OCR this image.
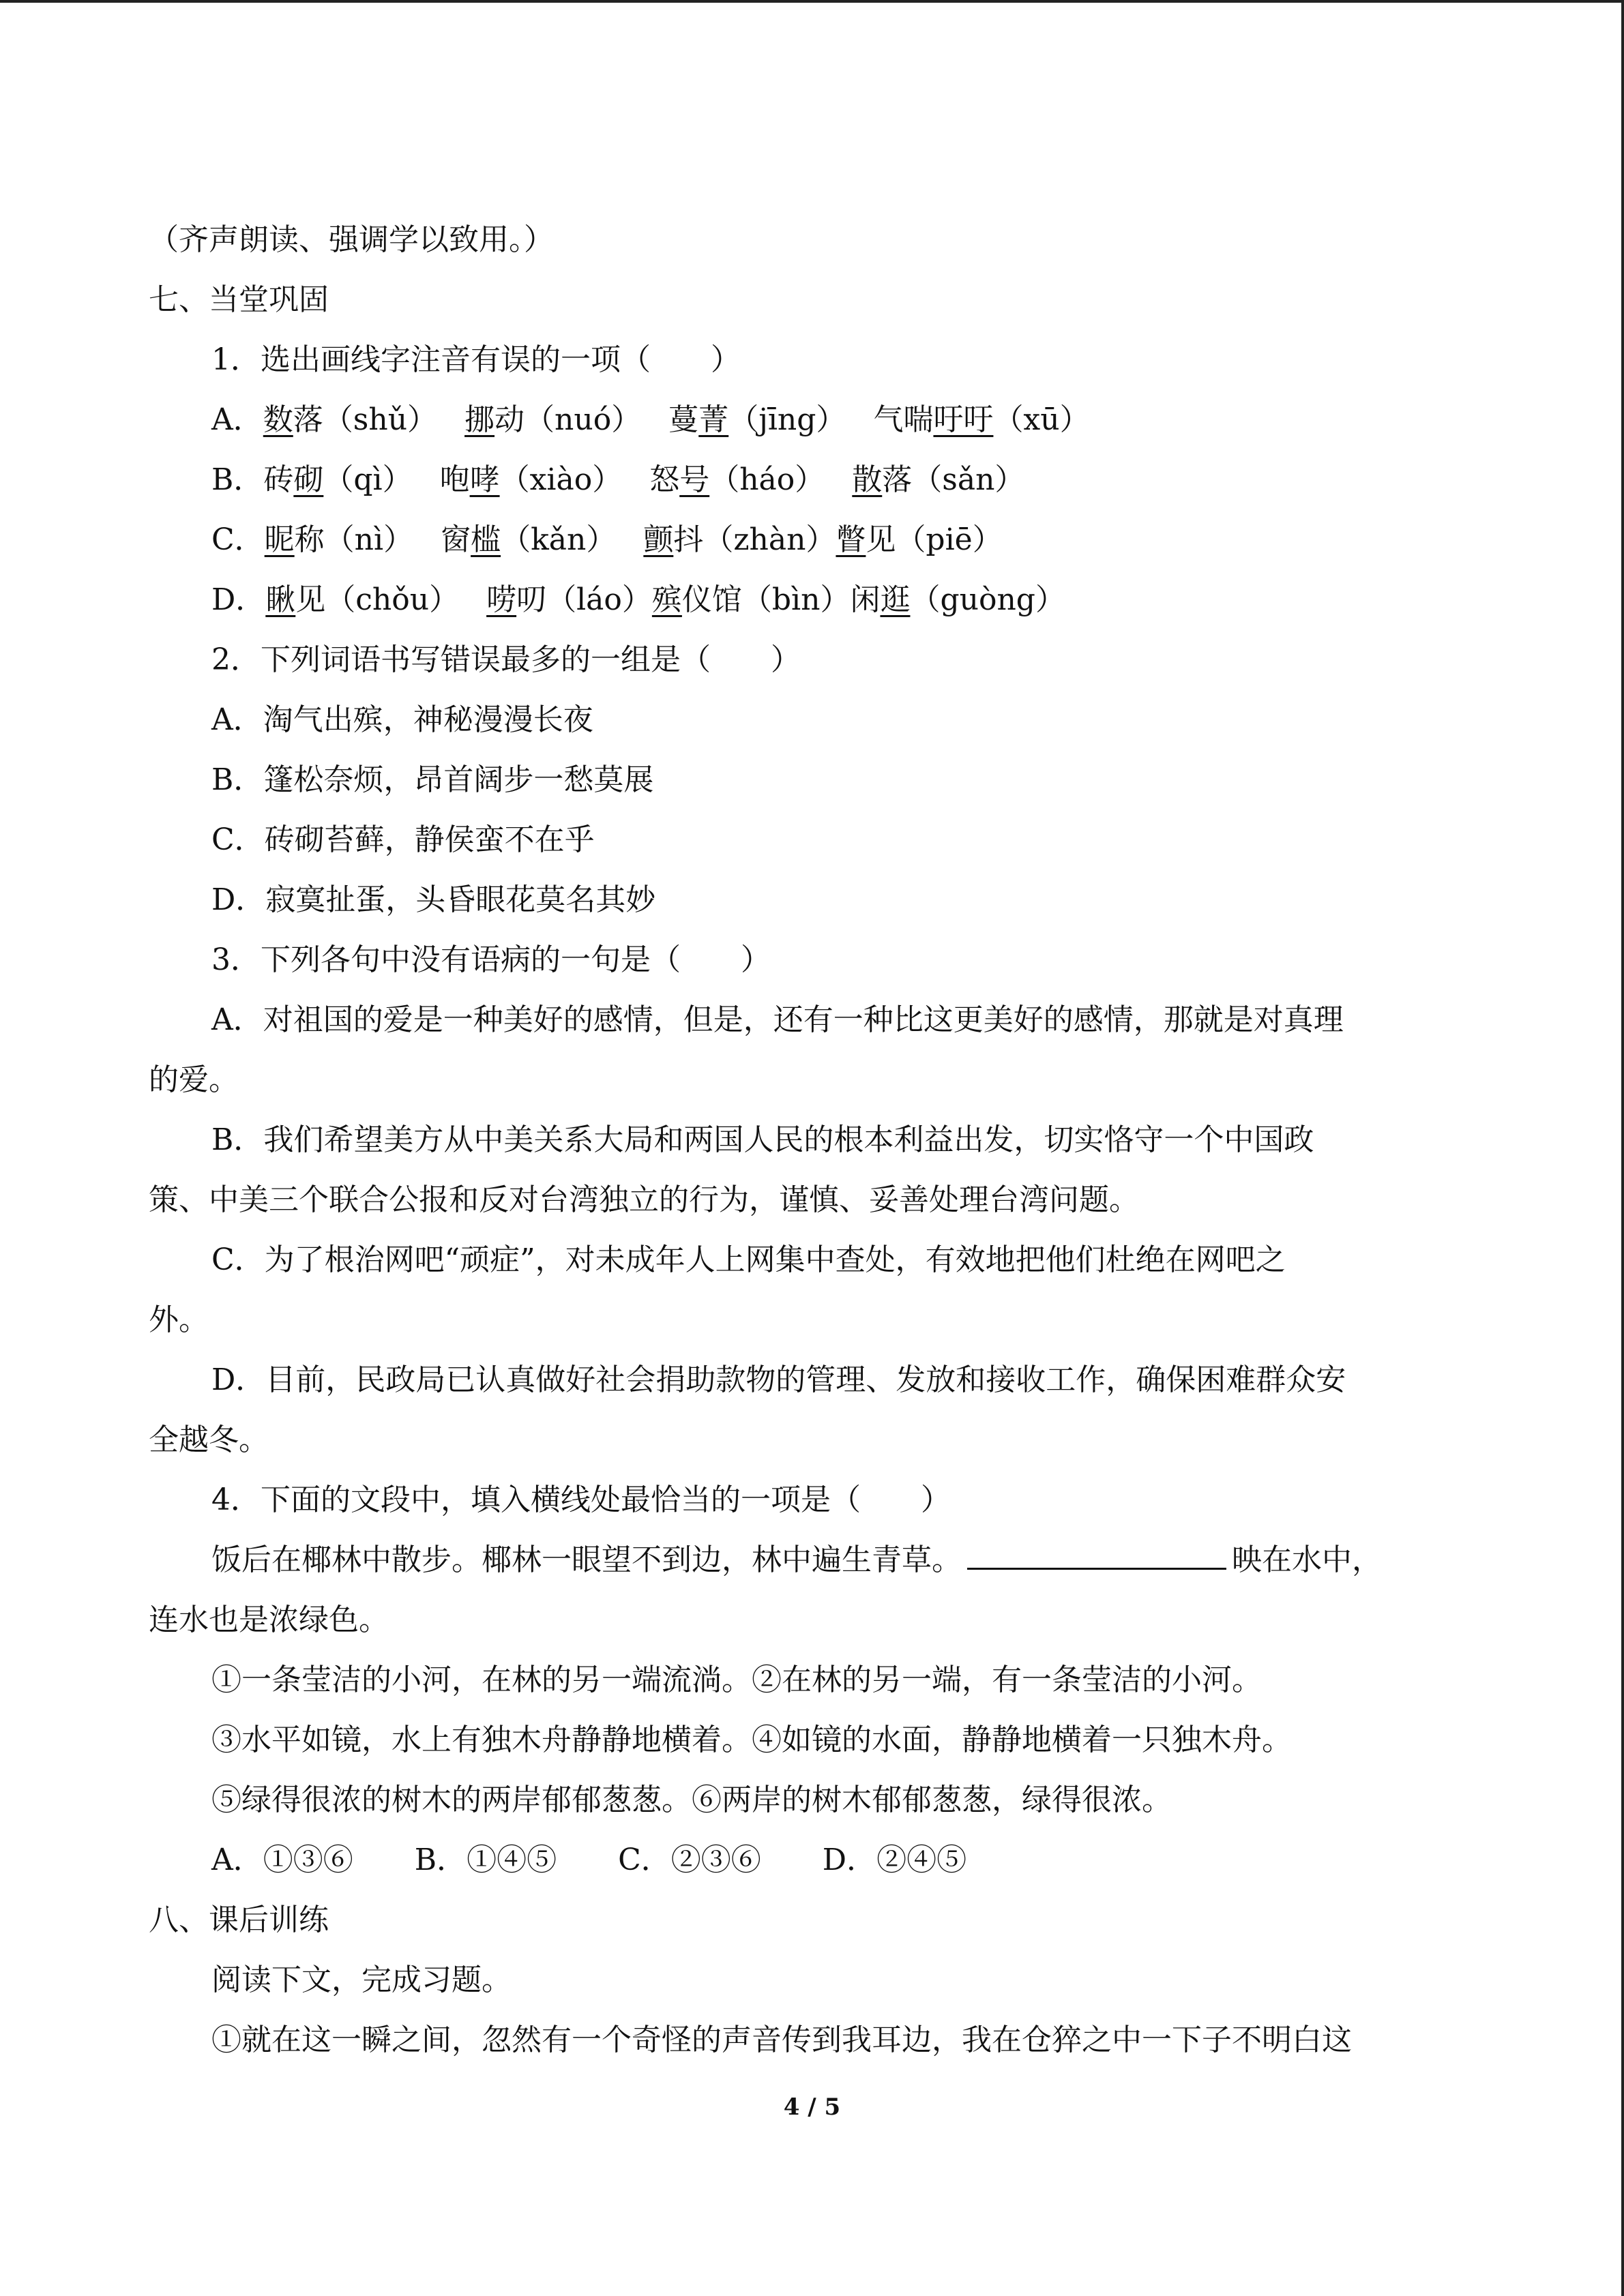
（齐声朗读、强调学以致用。）
七、当堂巩固
1．选出画线字注音有误的一项（　　）
A．数落（shǔ） 挪动（nuó） 蔓菁（jīng） 气喘吁吁（xū）
B．砖砌（qì） 咆哮（xiào） 怒号（háo） 散落（sǎn）
C．昵称（nì） 窗槛（kǎn） 颤抖（zhàn）瞥见（piē）
D．瞅见（chǒu） 唠叨（láo）殡仪馆（bìn）闲逛（guòng）
2．下列词语书写错误最多的一组是（　　）
A．淘气出殡，神秘漫漫长夜
B．篷松奈烦，昂首阔步一愁莫展
C．砖砌苔藓，静侯蛮不在乎
D．寂寞扯蛋，头昏眼花莫名其妙
3．下列各句中没有语病的一句是（　　）
A．对祖国的爱是一种美好的感情，但是，还有一种比这更美好的感情，那就是对真理
的爱。
B．我们希望美方从中美关系大局和两国人民的根本利益出发，切实恪守一个中国政
策、中美三个联合公报和反对台湾独立的行为，谨慎、妥善处理台湾问题。
C．为了根治网吧“顽症”，对未成年人上网集中查处，有效地把他们杜绝在网吧之
外。
D．目前，民政局已认真做好社会捐助款物的管理、发放和接收工作，确保困难群众安
全越冬。
4．下面的文段中，填入横线处最恰当的一项是（　　）
饭后在椰林中散步。椰林一眼望不到边，林中遍生青草。	映在水中，
连水也是浓绿色。
①一条莹洁的小河，在林的另一端流淌。②在林的另一端，有一条莹洁的小河。
③水平如镜，水上有独木舟静静地横着。④如镜的水面，静静地横着一只独木舟。
⑤绿得很浓的树木的两岸郁郁葱葱。⑥两岸的树木郁郁葱葱，绿得很浓。
A．①③⑥ B．①④⑤ C．②③⑥ D．②④⑤
八、课后训练
阅读下文，完成习题。
①就在这一瞬之间，忽然有一个奇怪的声音传到我耳边，我在仓猝之中一下子不明白这
4 / 5
